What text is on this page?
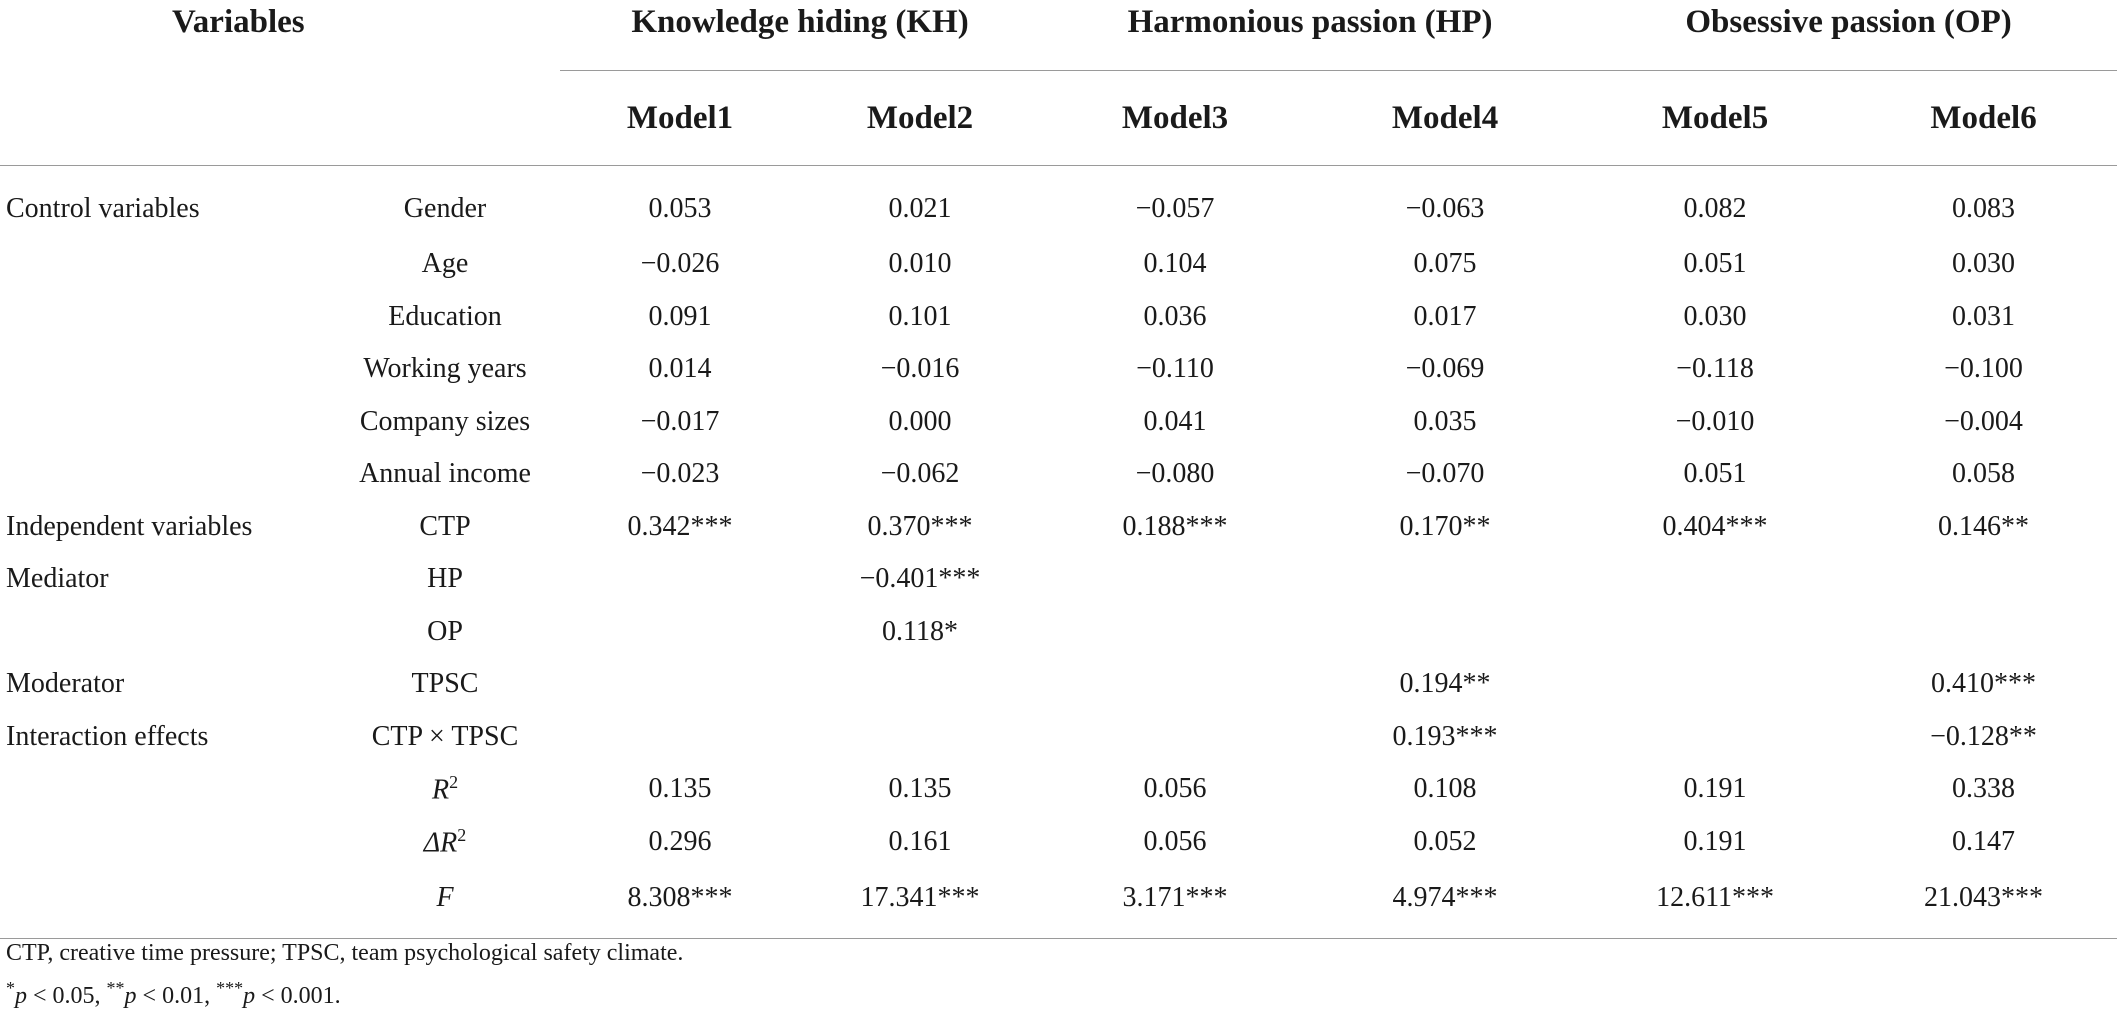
Variables		Knowledge hiding (KH)		Harmonious passion (HP)		Obsessive passion (OP)	
		Model1	Model2	Model3	Model4	Model5	Model6
Control variables	Gender	0.053	0.021	−0.057	−0.063	0.082	0.083
	Age	−0.026	0.010	0.104	0.075	0.051	0.030
	Education	0.091	0.101	0.036	0.017	0.030	0.031
	Working years	0.014	−0.016	−0.110	−0.069	−0.118	−0.100
	Company sizes	−0.017	0.000	0.041	0.035	−0.010	−0.004
	Annual income	−0.023	−0.062	−0.080	−0.070	0.051	0.058
Independent variables	CTP	0.342***	0.370***	0.188***	0.170**	0.404***	0.146**
Mediator	HP		−0.401***				
	OP		0.118*				
Moderator	TPSC				0.194**		0.410***
Interaction effects	CTP × TPSC				0.193***		−0.128**
	$R^2$	0.135	0.135	0.056	0.108	0.191	0.338
	$\Delta R^2$	0.296	0.161	0.056	0.052	0.191	0.147
	F	8.308***	17.341***	3.171***	4.974***	12.611***	21.043***
CTP, creative time pressure; TPSC, team psychological safety climate.
*p < 0.05, **p < 0.01, ***p < 0.001.
